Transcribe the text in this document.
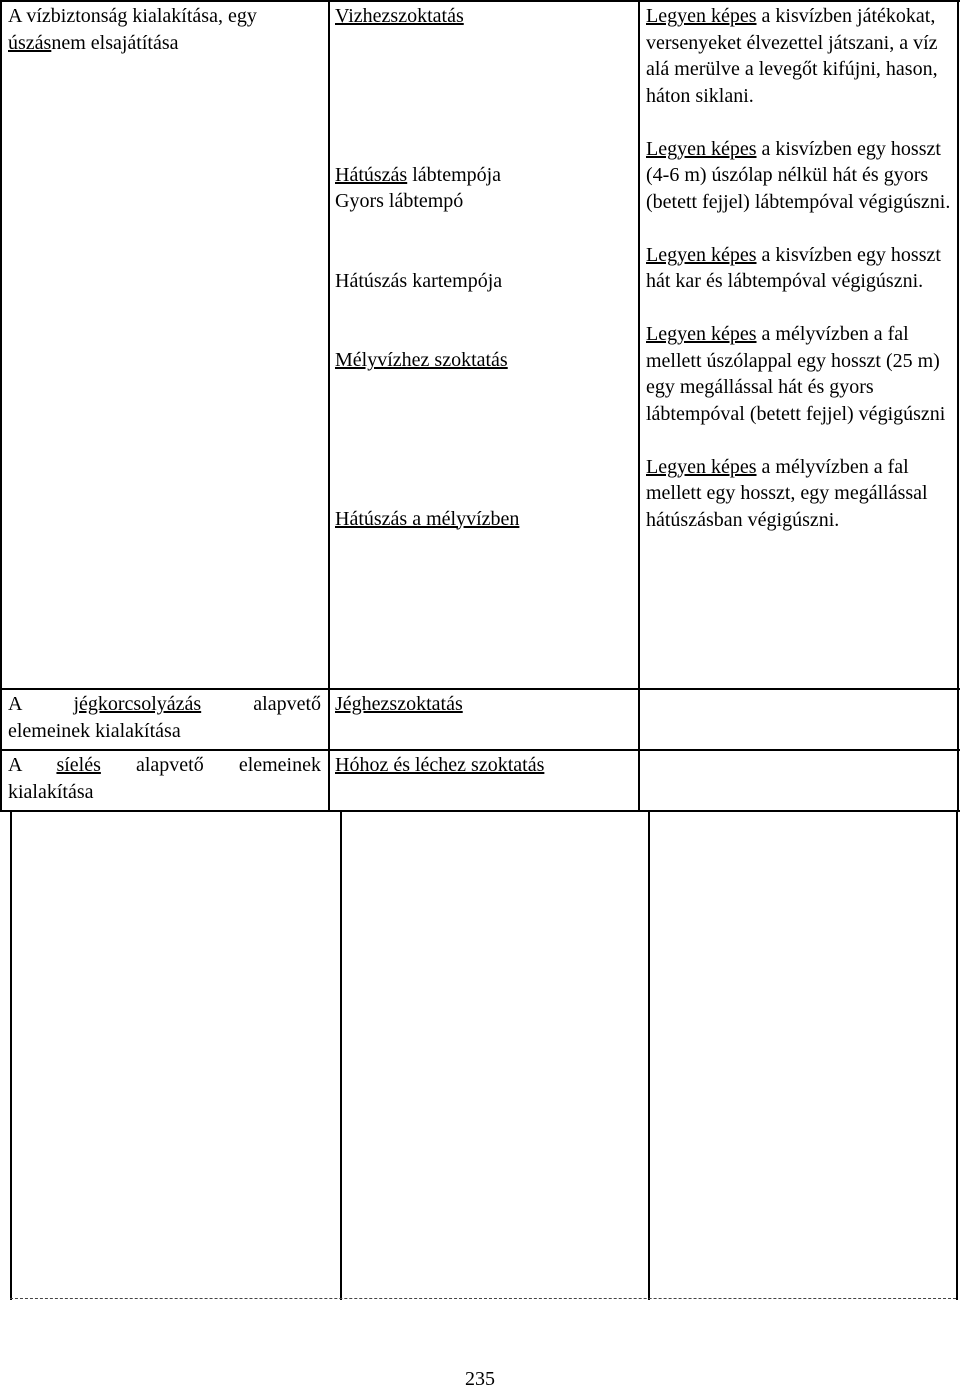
A vízbiztonság kialakítása, egy
úszásnem elsajátítása
Vizhezszoktatás
Hátúszás lábtempója
Gyors lábtempó
Hátúszás kartempója
Mélyvízhez szoktatás
Hátúszás a mélyvízben
Legyen képes a kisvízben játékokat, versenyeket élvezettel játszani, a víz alá merülve a levegőt kifújni, hason, háton siklani.
Legyen képes a kisvízben egy hosszt (4-6 m) úszólap nélkül hát és gyors (betett fejjel) lábtempóval végigúszni.
Legyen képes a kisvízben egy hosszt hát kar és lábtempóval végigúszni.
Legyen képes a mélyvízben a fal mellett úszólappal egy hosszt (25 m) egy megállással hát és gyors lábtempóval (betett fejjel) végigúszni
Legyen képes a mélyvízben a fal mellett egy hosszt, egy megállással hátúszásban végigúszni.
A	jégkorcsolyázás	alapvető
elemeinek kialakítása
Jéghezszoktatás
A síelés alapvető elemeinek
kialakítása
Hóhoz és léchez szoktatás
235
